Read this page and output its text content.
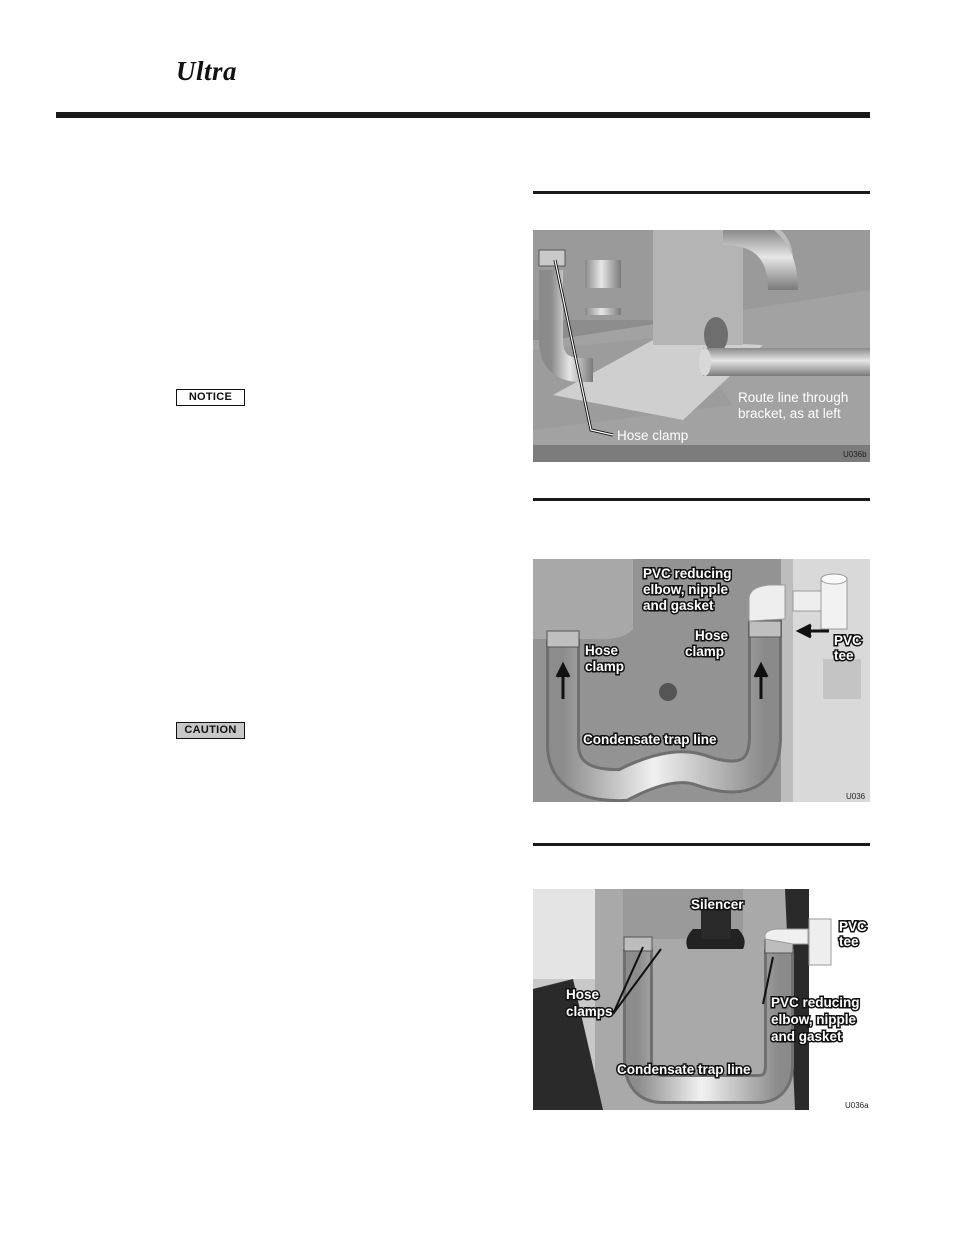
Ultra
NOTICE
CAUTION
Hose clamp
Route line through
bracket, as at left
U036b
PVC reducing
elbow, nipple
and gasket
Hose
clamp
Hose
clamp
PVC
tee
Condensate trap line
U036
Silencer
PVC
tee
Hose
clamps
PVC reducing
elbow, nipple
and gasket
Condensate trap line
U036a
